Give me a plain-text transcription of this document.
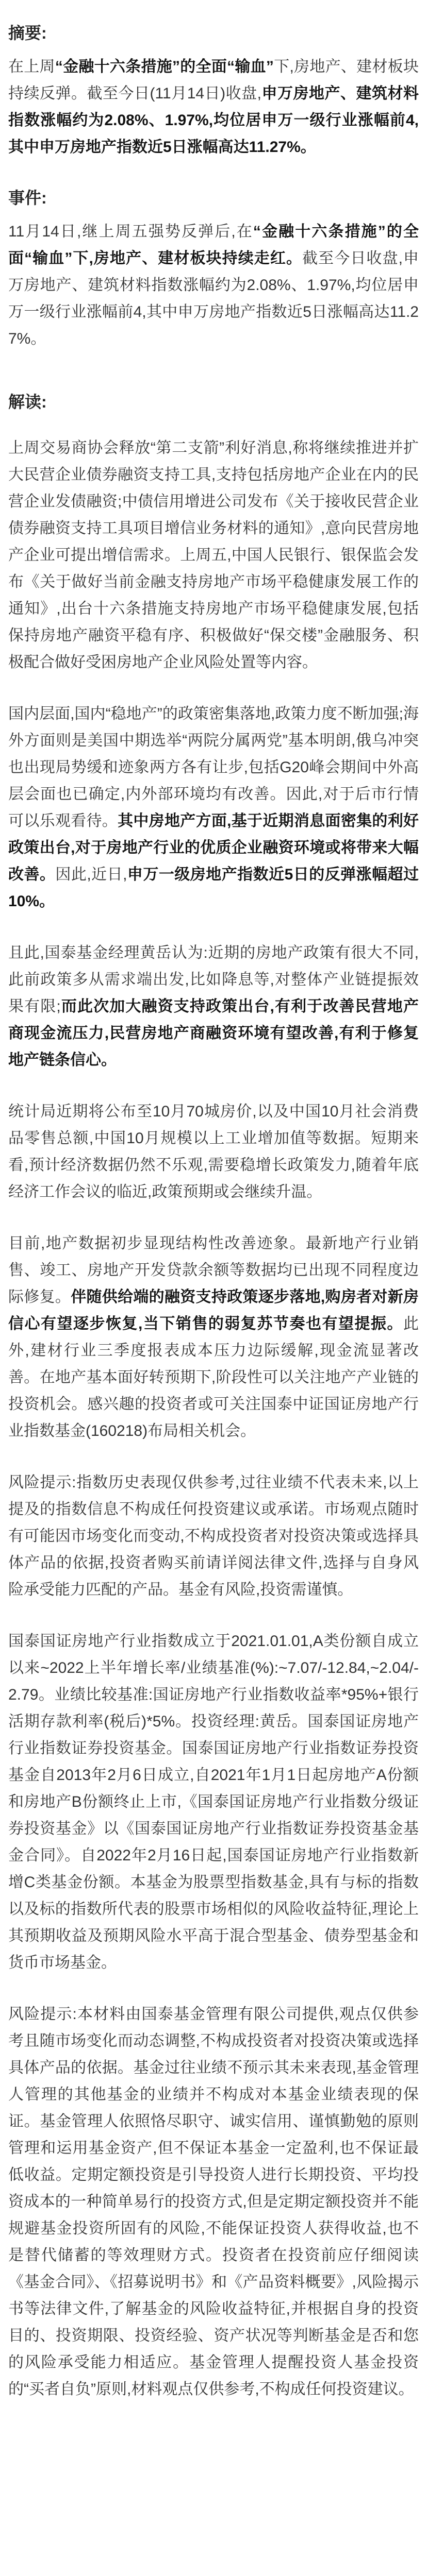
摘要:
在上周“金融十六条措施”的全面“输血”下,房地产、建材板块持续反弹。截至今日(11月14日)收盘,申万房地产、建筑材料指数涨幅约为2.08%、1.97%,均位居申万一级行业涨幅前4,其中申万房地产指数近5日涨幅高达11.27%。
事件:
11月14日,继上周五强势反弹后,在“金融十六条措施”的全面“输血”下,房地产、建材板块持续走红。截至今日收盘,申万房地产、建筑材料指数涨幅约为2.08%、1.97%,均位居申万一级行业涨幅前4,其中申万房地产指数近5日涨幅高达11.27%。
解读:
上周交易商协会释放“第二支箭”利好消息,称将继续推进并扩大民营企业债券融资支持工具,支持包括房地产企业在内的民营企业发债融资;中债信用增进公司发布《关于接收民营企业债券融资支持工具项目增信业务材料的通知》,意向民营房地产企业可提出增信需求。上周五,中国人民银行、银保监会发布《关于做好当前金融支持房地产市场平稳健康发展工作的通知》,出台十六条措施支持房地产市场平稳健康发展,包括保持房地产融资平稳有序、积极做好“保交楼”金融服务、积极配合做好受困房地产企业风险处置等内容。
国内层面,国内“稳地产”的政策密集落地,政策力度不断加强;海外方面则是美国中期选举“两院分属两党”基本明朗,俄乌冲突也出现局势缓和迹象两方各有让步,包括G20峰会期间中外高层会面也已确定,内外部环境均有改善。因此,对于后市行情可以乐观看待。其中房地产方面,基于近期消息面密集的利好政策出台,对于房地产行业的优质企业融资环境或将带来大幅改善。因此,近日,申万一级房地产指数近5日的反弹涨幅超过10%。
且此,国泰基金经理黄岳认为:近期的房地产政策有很大不同,此前政策多从需求端出发,比如降息等,对整体产业链提振效果有限;而此次加大融资支持政策出台,有利于改善民营地产商现金流压力,民营房地产商融资环境有望改善,有利于修复地产链条信心。
统计局近期将公布至10月70城房价,以及中国10月社会消费品零售总额,中国10月规模以上工业增加值等数据。短期来看,预计经济数据仍然不乐观,需要稳增长政策发力,随着年底经济工作会议的临近,政策预期或会继续升温。
目前,地产数据初步显现结构性改善迹象。最新地产行业销售、竣工、房地产开发贷款余额等数据均已出现不同程度边际修复。伴随供给端的融资支持政策逐步落地,购房者对新房信心有望逐步恢复,当下销售的弱复苏节奏也有望提振。此外,建材行业三季度报表成本压力边际缓解,现金流显著改善。在地产基本面好转预期下,阶段性可以关注地产产业链的投资机会。感兴趣的投资者或可关注国泰中证国证房地产行业指数基金(160218)布局相关机会。
风险提示:指数历史表现仅供参考,过往业绩不代表未来,以上提及的指数信息不构成任何投资建议或承诺。市场观点随时有可能因市场变化而变动,不构成投资者对投资决策或选择具体产品的依据,投资者购买前请详阅法律文件,选择与自身风险承受能力匹配的产品。基金有风险,投资需谨慎。
国泰国证房地产行业指数成立于2021.01.01,A类份额自成立以来~2022上半年增长率/业绩基准(%):~7.07/-12.84,~2.04/-2.79。业绩比较基准:国证房地产行业指数收益率*95%+银行活期存款利率(税后)*5%。投资经理:黄岳。国泰国证房地产行业指数证券投资基金。国泰国证房地产行业指数证券投资基金自2013年2月6日成立,自2021年1月1日起房地产A份额和房地产B份额终止上市,《国泰国证房地产行业指数分级证券投资基金》以《国泰国证房地产行业指数证券投资基金基金合同》。自2022年2月16日起,国泰国证房地产行业指数新增C类基金份额。本基金为股票型指数基金,具有与标的指数以及标的指数所代表的股票市场相似的风险收益特征,理论上其预期收益及预期风险水平高于混合型基金、债券型基金和货币市场基金。
风险提示:本材料由国泰基金管理有限公司提供,观点仅供参考且随市场变化而动态调整,不构成投资者对投资决策或选择具体产品的依据。基金过往业绩不预示其未来表现,基金管理人管理的其他基金的业绩并不构成对本基金业绩表现的保证。基金管理人依照恪尽职守、诚实信用、谨慎勤勉的原则管理和运用基金资产,但不保证本基金一定盈利,也不保证最低收益。定期定额投资是引导投资人进行长期投资、平均投资成本的一种简单易行的投资方式,但是定期定额投资并不能规避基金投资所固有的风险,不能保证投资人获得收益,也不是替代储蓄的等效理财方式。投资者在投资前应仔细阅读《基金合同》、《招募说明书》和《产品资料概要》,风险揭示书等法律文件,了解基金的风险收益特征,并根据自身的投资目的、投资期限、投资经验、资产状况等判断基金是否和您的风险承受能力相适应。基金管理人提醒投资人基金投资的“买者自负”原则,材料观点仅供参考,不构成任何投资建议。
